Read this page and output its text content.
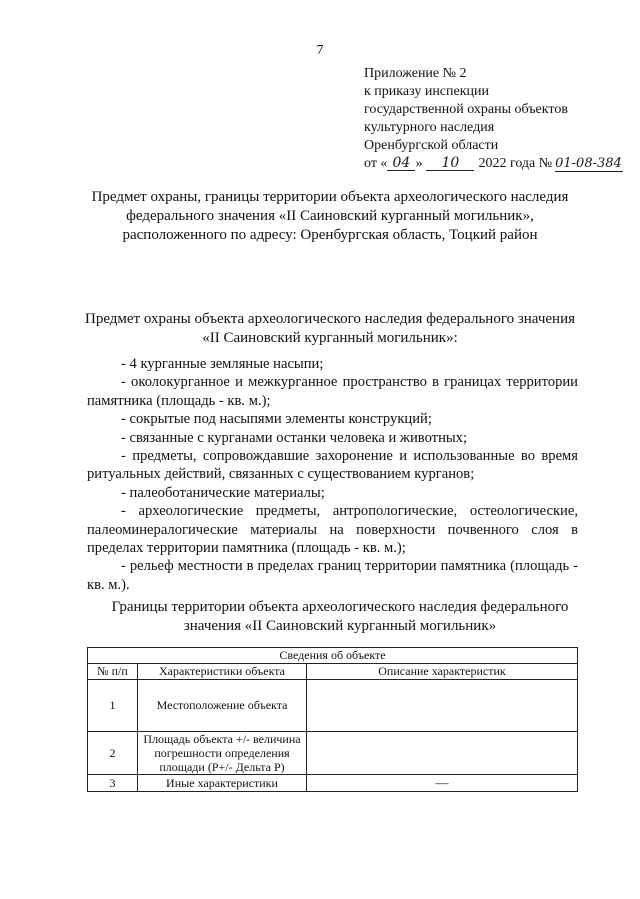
7
Приложение № 2
к приказу инспекции
государственной охраны объектов
культурного наследия
Оренбургской области
от « 04 » 10 2022 года № 01-08-384
Предмет охраны, границы территории объекта археологического наследия
федерального значения «II Саиновский курганный могильник»,
расположенного по адресу: Оренбургская область, Тоцкий район
Предмет охраны объекта археологического наследия федерального значения
«II Саиновский курганный могильник»:
- 4 курганные земляные насыпи;
- околокурганное и межкурганное пространство в границах территории памятника (площадь - кв. м.);
- сокрытые под насыпями элементы конструкций;
- связанные с курганами останки человека и животных;
- предметы, сопровождавшие захоронение и использованные во время ритуальных действий, связанных с существованием курганов;
- палеоботанические материалы;
- археологические предметы, антропологические, остеологические, палеоминералогические материалы на поверхности почвенного слоя в пределах территории памятника (площадь - кв. м.);
- рельеф местности в пределах границ территории памятника (площадь - кв. м.).
Границы территории объекта археологического наследия федерального
значения «II Саиновский курганный могильник»
Сведения об объекте		
№ п/п	Характеристики объекта	Описание характеристик
1	Местоположение объекта	
2	Площадь объекта +/- величина погрешности определения площади (Р+/- Дельта Р)	
3	Иные характеристики	—
